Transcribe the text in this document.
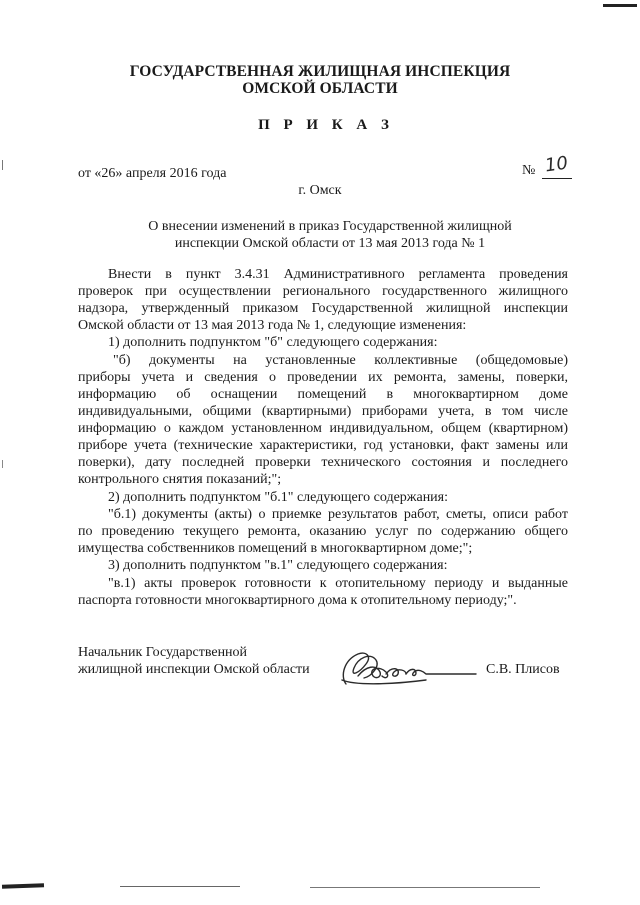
ГОСУДАРСТВЕННАЯ ЖИЛИЩНАЯ ИНСПЕКЦИЯ
ОМСКОЙ ОБЛАСТИ
П Р И К А З
от «26» апреля 2016 года	№ 10
г. Омск
О внесении изменений в приказ Государственной жилищной
инспекции Омской области от 13 мая 2013 года № 1
Внести в пункт 3.4.31 Административного регламента проведения
проверок при осуществлении регионального государственного жилищного
надзора, утвержденный приказом Государственной жилищной инспекции
Омской области от 13 мая 2013 года № 1, следующие изменения:
1) дополнить подпунктом "б" следующего содержания:
"б) документы на установленные коллективные (общедомовые)
приборы учета и сведения о проведении их ремонта, замены, поверки,
информацию об оснащении помещений в многоквартирном доме
индивидуальными, общими (квартирными) приборами учета, в том числе
информацию о каждом установленном индивидуальном, общем (квартирном)
приборе учета (технические характеристики, год установки, факт замены или
поверки), дату последней проверки технического состояния и последнего
контрольного снятия показаний;";
2) дополнить подпунктом "б.1" следующего содержания:
"б.1) документы (акты) о приемке результатов работ, сметы, описи работ
по проведению текущего ремонта, оказанию услуг по содержанию общего
имущества собственников помещений в многоквартирном доме;";
3) дополнить подпунктом "в.1" следующего содержания:
"в.1) акты проверок готовности к отопительному периоду и выданные
паспорта готовности многоквартирного дома к отопительному периоду;".
Начальник Государственной
жилищной инспекции Омской области	С.В. Плисов
